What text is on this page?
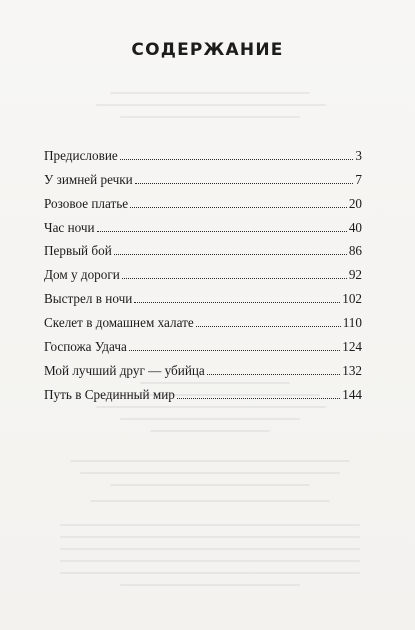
СОДЕРЖАНИЕ
Предисловие	3
У зимней речки	7
Розовое платье	20
Час ночи	40
Первый бой	86
Дом у дороги	92
Выстрел в ночи	102
Скелет в домашнем халате	110
Госпожа Удача	124
Мой лучший друг — убийца	132
Путь в Срединный мир	144
